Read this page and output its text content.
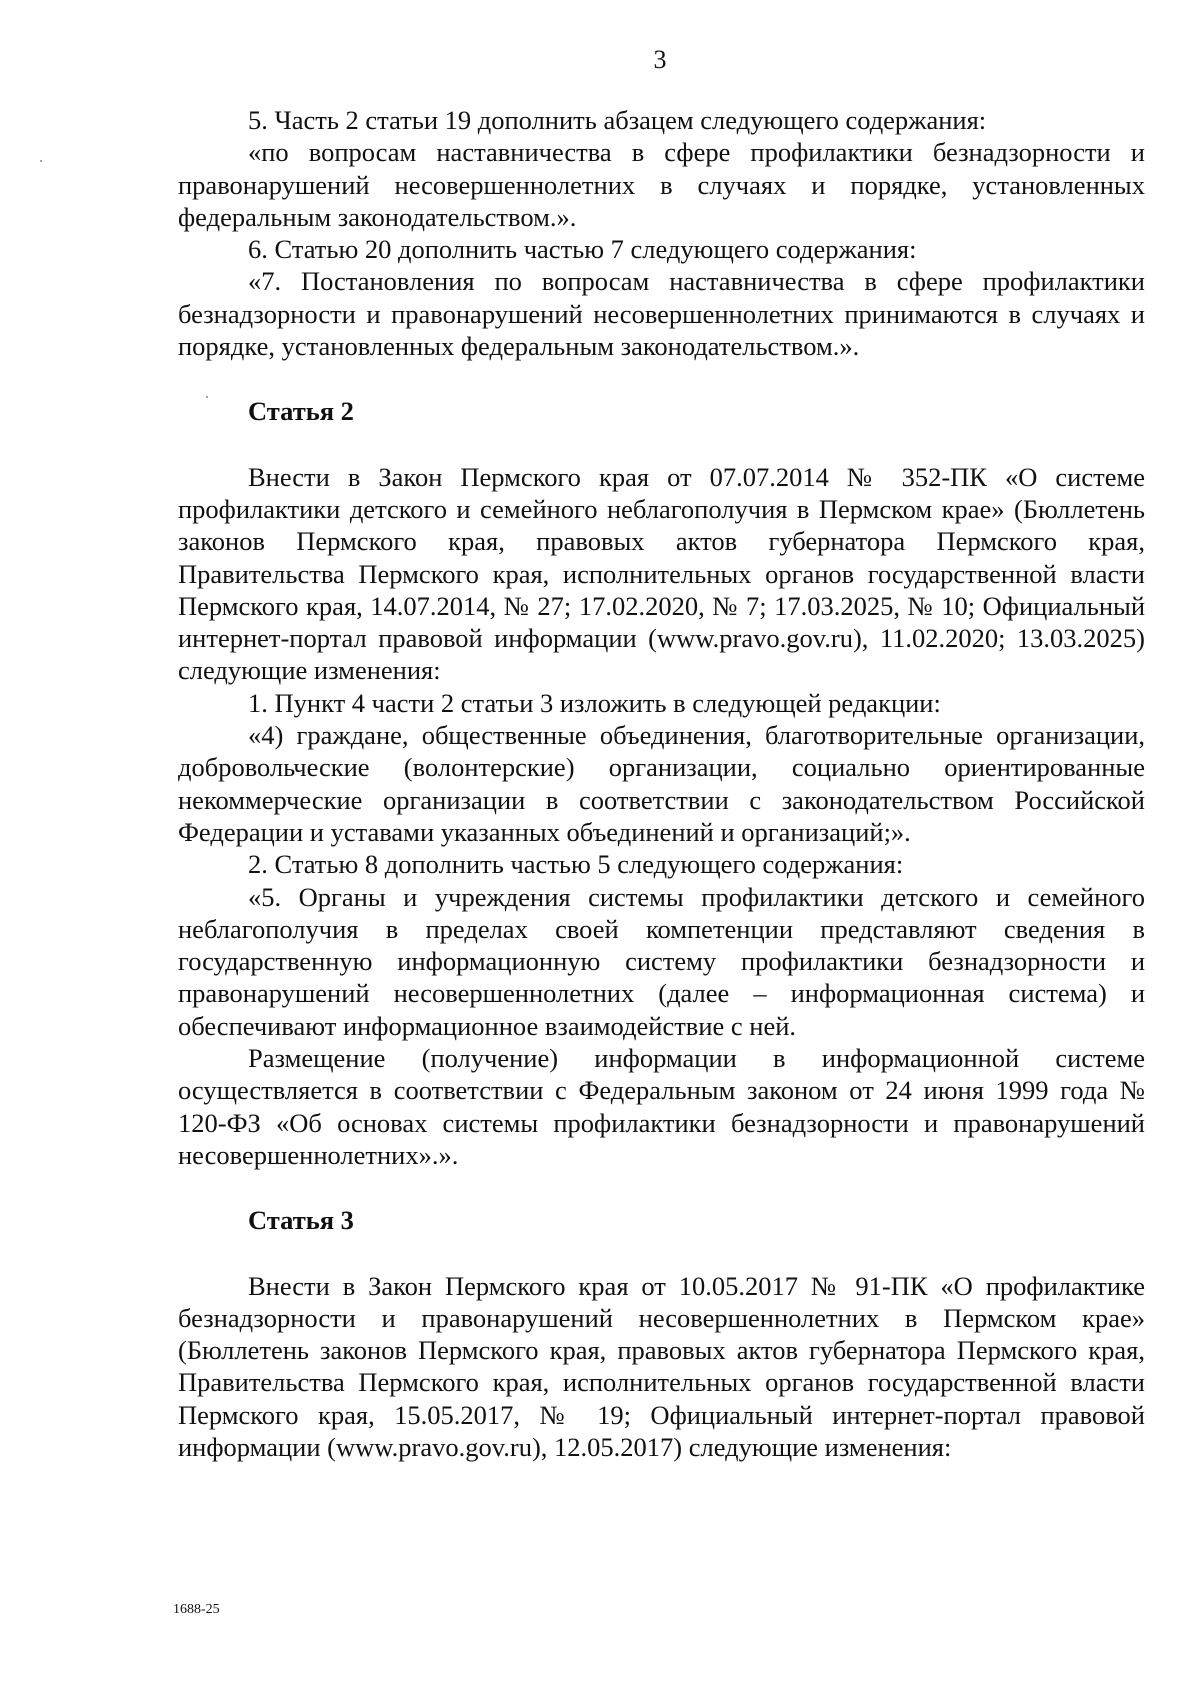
3

5. Часть 2 статьи 19 дополнить абзацем следующего содержания:

«по вопросам наставничества в сфере профилактики безнадзорности и правонарушений несовершеннолетних в случаях и порядке, установленных федеральным законодательством.».

6. Статью 20 дополнить частью 7 следующего содержания:

«7. Постановления по вопросам наставничества в сфере профилактики безнадзорности и правонарушений несовершеннолетних принимаются в случаях и порядке, установленных федеральным законодательством.».

Статья 2

Внести в Закон Пермского края от 07.07.2014 № 352-ПК «О системе профилактики детского и семейного неблагополучия в Пермском крае» (Бюллетень законов Пермского края, правовых актов губернатора Пермского края, Правительства Пермского края, исполнительных органов государственной власти Пермского края, 14.07.2014, № 27; 17.02.2020, № 7; 17.03.2025, № 10; Официальный интернет-портал правовой информации (www.pravo.gov.ru), 11.02.2020; 13.03.2025) следующие изменения:

1. Пункт 4 части 2 статьи 3 изложить в следующей редакции:

«4) граждане, общественные объединения, благотворительные организации, добровольческие (волонтерские) организации, социально ориентированные некоммерческие организации в соответствии с законодательством Российской Федерации и уставами указанных объединений и организаций;».

2. Статью 8 дополнить частью 5 следующего содержания:

«5. Органы и учреждения системы профилактики детского и семейного неблагополучия в пределах своей компетенции представляют сведения в государственную информационную систему профилактики безнадзорности и правонарушений несовершеннолетних (далее – информационная система) и обеспечивают информационное взаимодействие с ней.

Размещение (получение) информации в информационной системе осуществляется в соответствии с Федеральным законом от 24 июня 1999 года № 120-ФЗ «Об основах системы профилактики безнадзорности и правонарушений несовершеннолетних».».

Статья 3

Внести в Закон Пермского края от 10.05.2017 № 91-ПК «О профилактике безнадзорности и правонарушений несовершеннолетних в Пермском крае» (Бюллетень законов Пермского края, правовых актов губернатора Пермского края, Правительства Пермского края, исполнительных органов государственной власти Пермского края, 15.05.2017, № 19; Официальный интернет-портал правовой информации (www.pravo.gov.ru), 12.05.2017) следующие изменения:

1688-25
